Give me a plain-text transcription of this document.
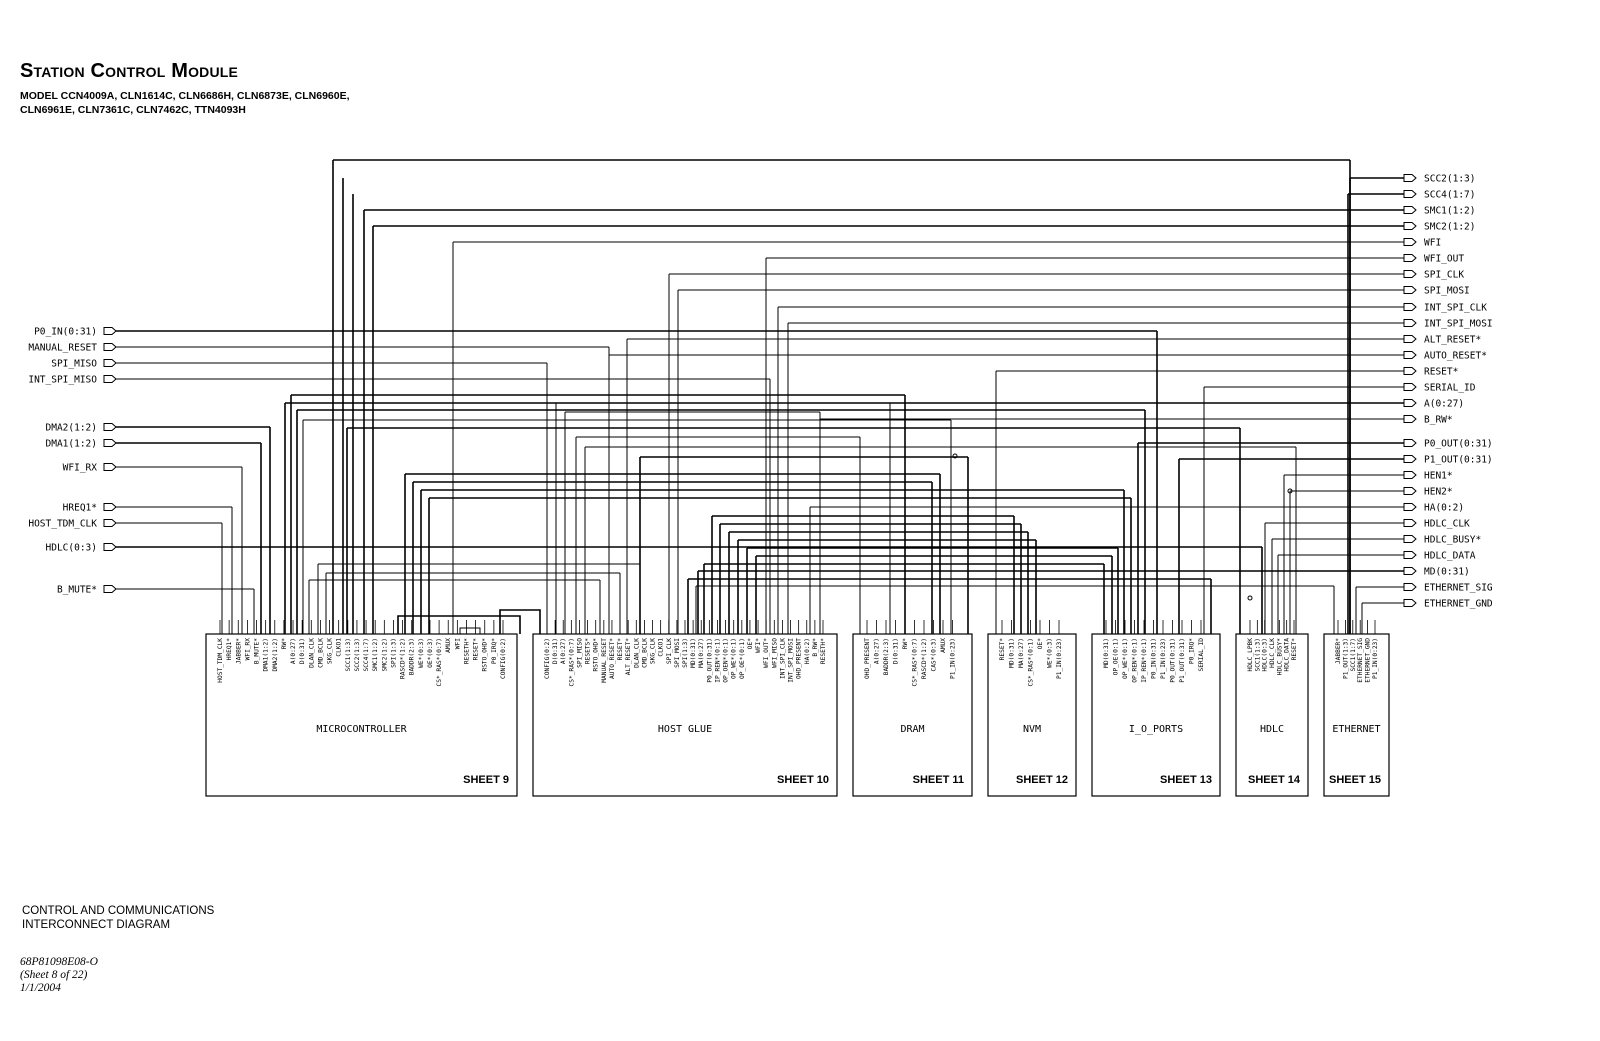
Station Control Module
MODEL CCN4009A, CLN1614C, CLN6686H, CLN6873E, CLN6960E,
CLN6961E, CLN7361C, CLN7462C, TTN4093H
P0_IN(0:31)
MANUAL_RESET
SPI_MISO
INT_SPI_MISO
DMA2(1:2)
DMA1(1:2)
WFI_RX
HREQ1*
HOST_TDM_CLK
HDLC(0:3)
B_MUTE*
SCC2(1:3)
SCC4(1:7)
SMC1(1:2)
SMC2(1:2)
WFI
WFI_OUT
SPI_CLK
SPI_MOSI
INT_SPI_CLK
INT_SPI_MOSI
ALT_RESET*
AUTO_RESET*
RESET*
SERIAL_ID
A(0:27)
B_RW*
P0_OUT(0:31)
P1_OUT(0:31)
HEN1*
HEN2*
HA(0:2)
HDLC_CLK
HDLC_BUSY*
HDLC_DATA
MD(0:31)
ETHERNET_SIG
ETHERNET_GND
HOST_TDM_CLK HREQ1* JABBER* WFI_RX B_MUTE* DMA1(1:2) DMA2(1:2) RW* A(0:27) D(0:31) DLAN_CLK CMD_BCLK SKG_CLK CLKO1 SCC1(1:3) SCC2(1:3) SCC4(1:7) SMC1(1:2) SMC2(1:2) SPI(1:3) RASCD*(1:2) BADDR(2:3) WE*(0:3) OE*(0:3) CS*_RAS*(0:7) AMUX WFI RESETH* RESET* RSTO_OHD* P0_IRQ* CONFIG(0:2)
MICROCONTROLLER
SHEET 9
CONFIG(0:2) D(0:31) A(0:27) CS*_RAS*(0:7) SPI_MISO RESETS* RSTO_OHD* MANUAL_RESET AUTO_RESET* RESET* ALT_RESET* DLAN_CLK CMD_BCLK SKG_CLK CLKO1 SPI_CLK SPI_MOSI SPI(1:3) MD(0:31) MA(0:27) P0_OUT(0:31) IP_REN*(0:1) OP_OEN*(0:1) OP_WE*(0:1) OP_OE*(0:1) OE* WFI* WFI_OUT* WFI_MISO INT_SPI_CLK INT_SPI_MOSI OHD_PRESENT HA(0:2) B_RW* RESETH*
HOST GLUE
SHEET 10
OHD_PRESENT A(0:27) BADDR(2:3) D(0:31) RW* CS*_RAS*(0:7) RASCD*(1:2) CAS*(0:3) AMUX P1_IN(0:23)
DRAM
SHEET 11
RESET* MD(0:31) MA(0:27) CS*_RAS*(0:1) OE* WE*(0:3) P1_IN(0:23)
NVM
SHEET 12
MD(0:31) OP_OE(0:1) OP_WE*(0:1) OP_REN*(0:1) IP_REN*(0:1) P0_IN(0:31) P1_IN(0:23) P0_OUT(0:31) P1_OUT(0:31) P0_IRQ* SERIAL_ID
I_O_PORTS
SHEET 13
HDLC_LPBK SCC1(1:3) HDLC(0:3) HDLC_CLK HDLC_BUSY* HDLC_DATA RESET*
HDLC
SHEET 14
JABBER* P1_OUT(1:3) SCC1(1:7) ETHERNET_SIG ETHERNET_GND P1_IN(0:23)
ETHERNET
SHEET 15
CONTROL AND COMMUNICATIONS
INTERCONNECT DIAGRAM
68P81098E08-O
(Sheet 8 of 22)
1/1/2004
